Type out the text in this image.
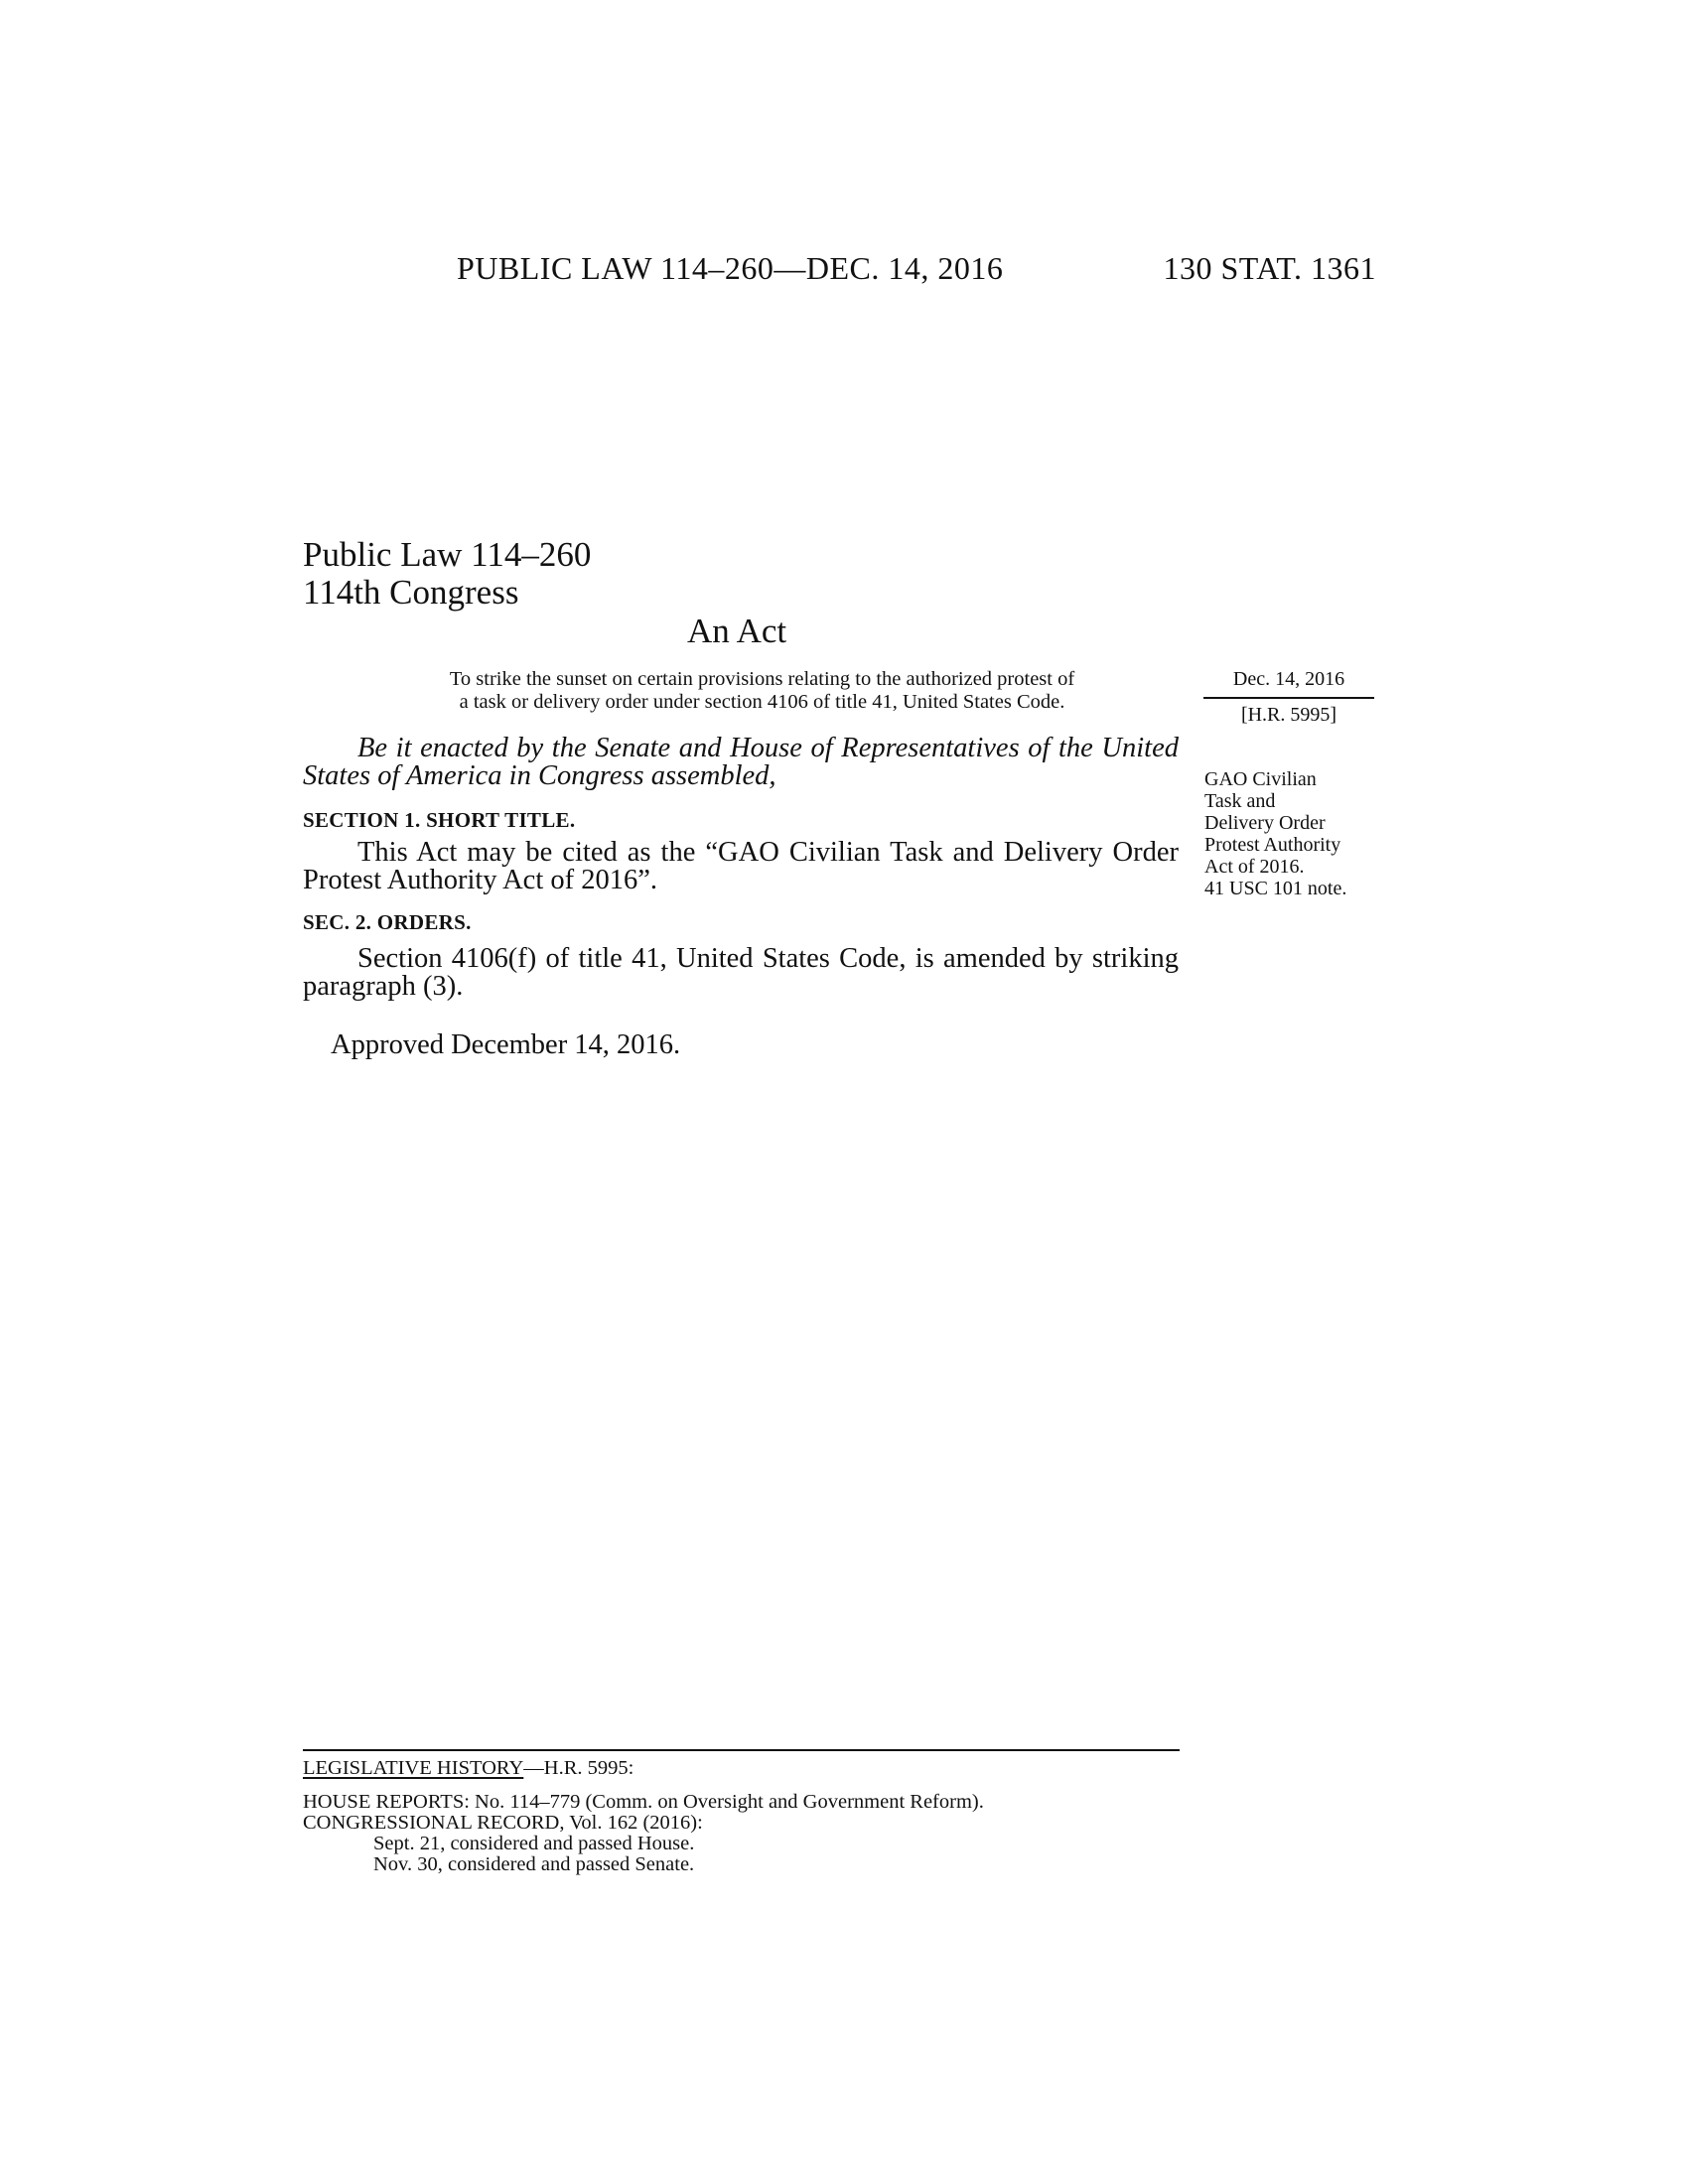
PUBLIC LAW 114–260—DEC. 14, 2016	130 STAT. 1361
Public Law 114–260
114th Congress
An Act
To strike the sunset on certain provisions relating to the authorized protest of
a task or delivery order under section 4106 of title 41, United States Code.
Dec. 14, 2016
[H.R. 5995]
Be it enacted by the Senate and House of Representatives of the United States of America in Congress assembled,	GAO Civilian
Task and
Delivery Order
Protest Authority
Act of 2016.
41 USC 101 note.
SECTION 1. SHORT TITLE.
This Act may be cited as the “GAO Civilian Task and Delivery Order Protest Authority Act of 2016”.
SEC. 2. ORDERS.
Section 4106(f) of title 41, United States Code, is amended by striking paragraph (3).
Approved December 14, 2016.
LEGISLATIVE HISTORY—H.R. 5995:
HOUSE REPORTS: No. 114–779 (Comm. on Oversight and Government Reform).
CONGRESSIONAL RECORD, Vol. 162 (2016):
Sept. 21, considered and passed House.
Nov. 30, considered and passed Senate.
